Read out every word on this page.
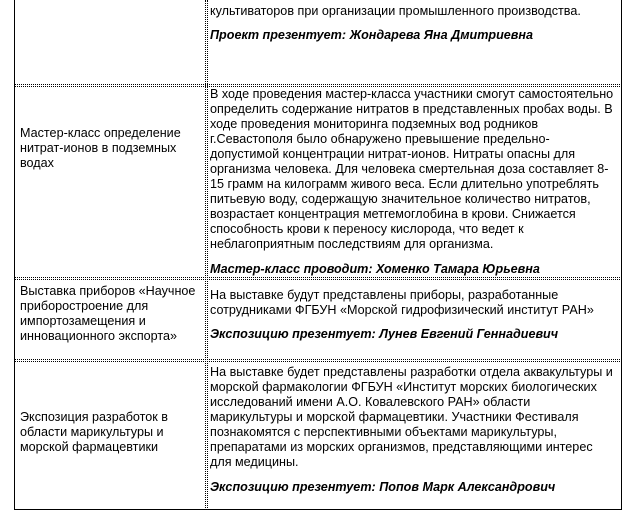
культиваторов при организации промышленного производства.

Проект презентует: Жондарева Яна Дмитриевна

Мастер-класс определение нитрат-ионов в подземных водах

В ходе проведения мастер-класса участники смогут самостоятельно определить содержание нитратов в представленных пробах воды. В ходе проведения мониторинга подземных вод родников г.Севастополя было обнаружено превышение предельно-допустимой концентрации нитрат-ионов. Нитраты опасны для организма человека. Для человека смертельная доза составляет 8-15 грамм на килограмм живого веса. Если длительно употреблять питьевую воду, содержащую значительное количество нитратов, возрастает концентрация метгемоглобина в крови. Снижается способность крови к переносу кислорода, что ведет к неблагоприятным последствиям для организма.

Мастер-класс проводит: Хоменко Тамара Юрьевна

Выставка приборов «Научное приборостроение для импортозамещения и инновационного экспорта»

На выставке будут представлены приборы, разработанные сотрудниками ФГБУН «Морской гидрофизический институт РАН»

Экспозицию презентует: Лунев Евгений Геннадиевич

Экспозиция разработок в области марикультуры и морской фармацевтики

На выставке будет представлены разработки отдела аквакультуры и морской фармакологии ФГБУН «Институт морских биологических исследований имени А.О. Ковалевского РАН» области марикультуры и морской фармацевтики. Участники Фестиваля познакомятся с перспективными объектами марикультуры, препаратами из морских организмов, представляющими интерес для медицины.

Экспозицию презентует: Попов Марк Александрович
